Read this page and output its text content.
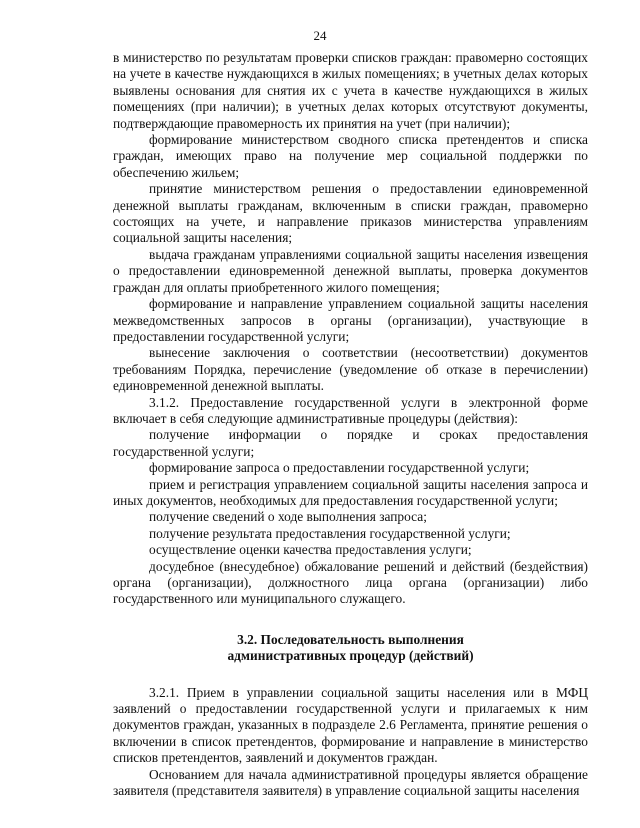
24

в министерство по результатам проверки списков граждан: правомерно состоящих на учете в качестве нуждающихся в жилых помещениях; в учетных делах которых выявлены основания для снятия их с учета в качестве нуждающихся в жилых помещениях (при наличии); в учетных делах которых отсутствуют документы, подтверждающие правомерность их принятия на учет (при наличии);

формирование министерством сводного списка претендентов и списка граждан, имеющих право на получение мер социальной поддержки по обеспечению жильем;

принятие министерством решения о предоставлении единовременной денежной выплаты гражданам, включенным в списки граждан, правомерно состоящих на учете, и направление приказов министерства управлениям социальной защиты населения;

выдача гражданам управлениями социальной защиты населения извещения о предоставлении единовременной денежной выплаты, проверка документов граждан для оплаты приобретенного жилого помещения;

формирование и направление управлением социальной защиты населения межведомственных запросов в органы (организации), участвующие в предоставлении государственной услуги;

вынесение заключения о соответствии (несоответствии) документов требованиям Порядка, перечисление (уведомление об отказе в перечислении) единовременной денежной выплаты.

3.1.2. Предоставление государственной услуги в электронной форме включает в себя следующие административные процедуры (действия):

получение информации о порядке и сроках предоставления государственной услуги;

формирование запроса о предоставлении государственной услуги;

прием и регистрация управлением социальной защиты населения запроса и иных документов, необходимых для предоставления государственной услуги;

получение сведений о ходе выполнения запроса;

получение результата предоставления государственной услуги;

осуществление оценки качества предоставления услуги;

досудебное (внесудебное) обжалование решений и действий (бездействия) органа (организации), должностного лица органа (организации) либо государственного или муниципального служащего.

3.2. Последовательность выполнения
административных процедур (действий)

3.2.1. Прием в управлении социальной защиты населения или в МФЦ заявлений о предоставлении государственной услуги и прилагаемых к ним документов граждан, указанных в подразделе 2.6 Регламента, принятие решения о включении в список претендентов, формирование и направление в министерство списков претендентов, заявлений и документов граждан.

Основанием для начала административной процедуры является обращение заявителя (представителя заявителя) в управление социальной защиты населения
